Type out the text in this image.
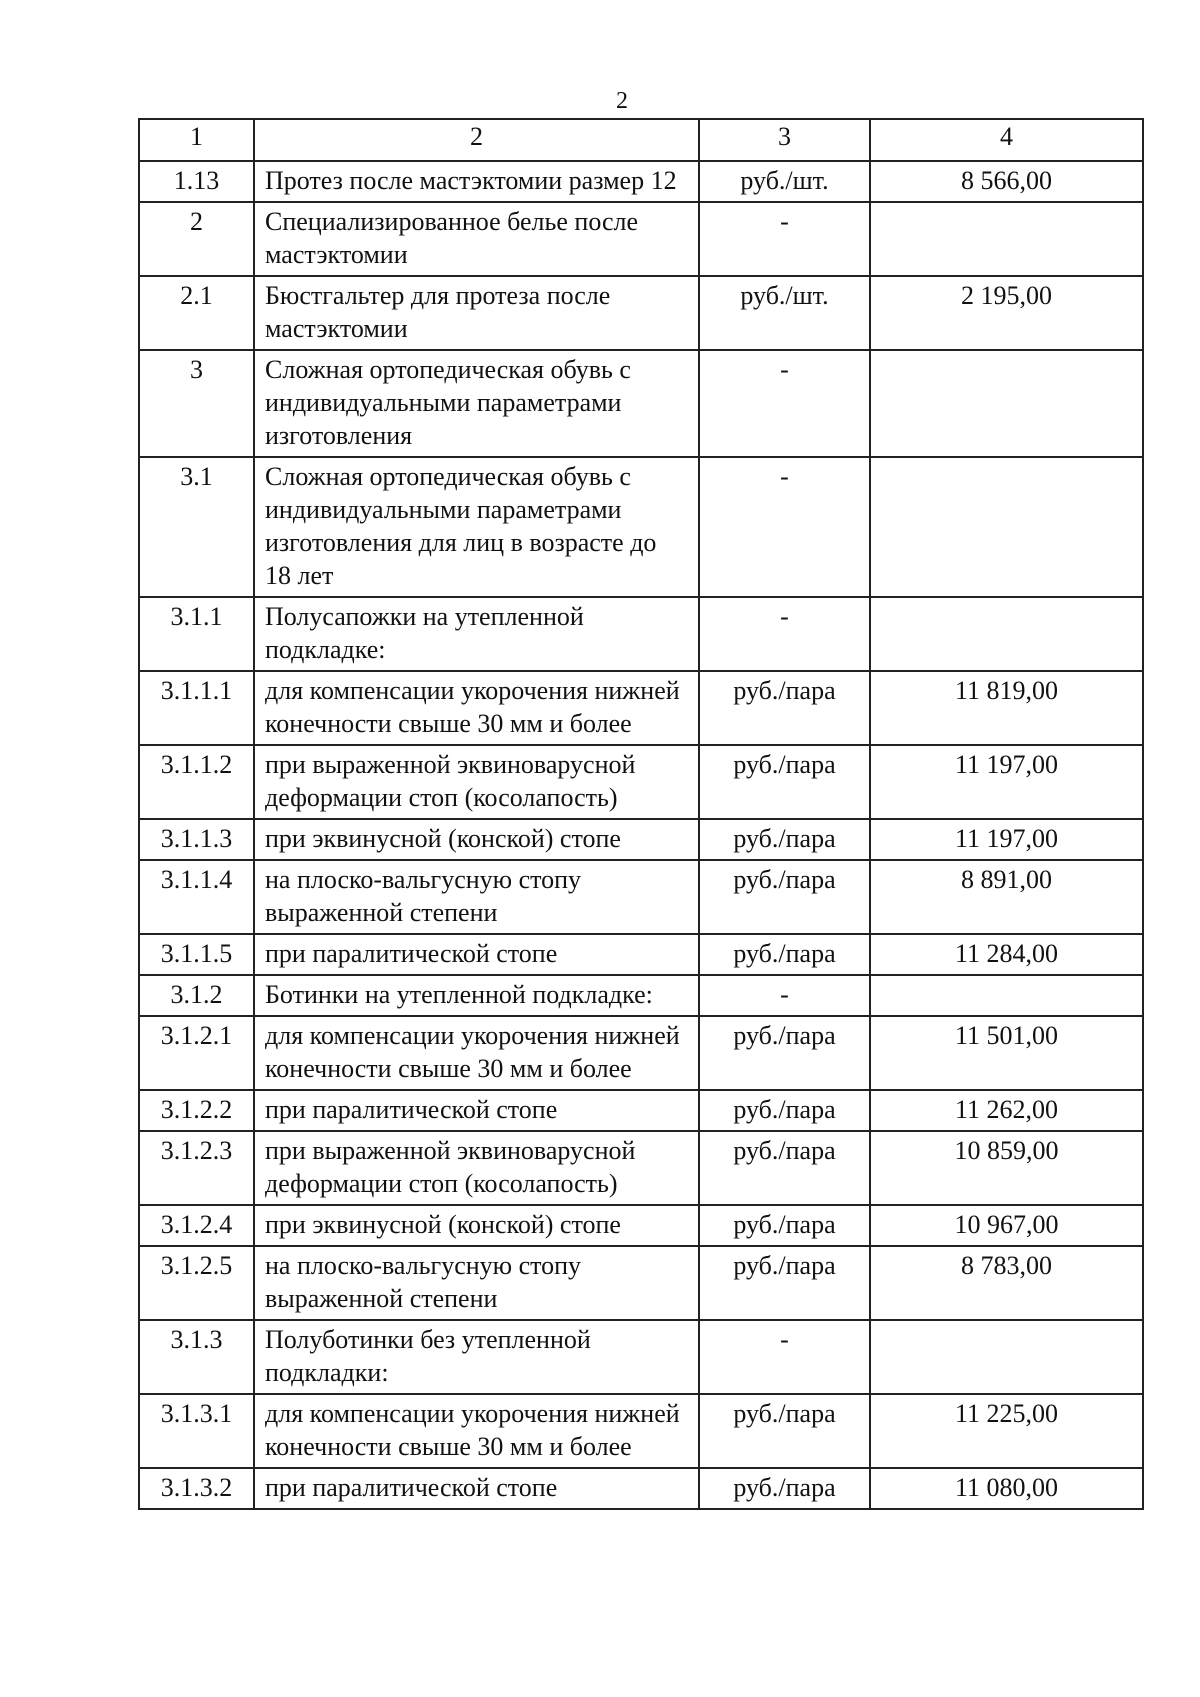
2
1	2	3	4
1.13	Протез после мастэктомии размер 12	руб./шт.	8 566,00
2	Специализированное белье после мастэктомии	-	
2.1	Бюстгальтер для протеза после мастэктомии	руб./шт.	2 195,00
3	Сложная ортопедическая обувь с индивидуальными параметрами изготовления	-	
3.1	Сложная ортопедическая обувь с индивидуальными параметрами изготовления для лиц в возрасте до 18 лет	-	
3.1.1	Полусапожки на утепленной подкладке:	-	
3.1.1.1	для компенсации укорочения нижней конечности свыше 30 мм и более	руб./пара	11 819,00
3.1.1.2	при выраженной эквиноварусной деформации стоп (косолапость)	руб./пара	11 197,00
3.1.1.3	при эквинусной (конской) стопе	руб./пара	11 197,00
3.1.1.4	на плоско-вальгусную стопу выраженной степени	руб./пара	8 891,00
3.1.1.5	при паралитической стопе	руб./пара	11 284,00
3.1.2	Ботинки на утепленной подкладке:	-	
3.1.2.1	для компенсации укорочения нижней конечности свыше 30 мм и более	руб./пара	11 501,00
3.1.2.2	при паралитической стопе	руб./пара	11 262,00
3.1.2.3	при выраженной эквиноварусной деформации стоп (косолапость)	руб./пара	10 859,00
3.1.2.4	при эквинусной (конской) стопе	руб./пара	10 967,00
3.1.2.5	на плоско-вальгусную стопу выраженной степени	руб./пара	8 783,00
3.1.3	Полуботинки без утепленной подкладки:	-	
3.1.3.1	для компенсации укорочения нижней конечности свыше 30 мм и более	руб./пара	11 225,00
3.1.3.2	при паралитической стопе	руб./пара	11 080,00
